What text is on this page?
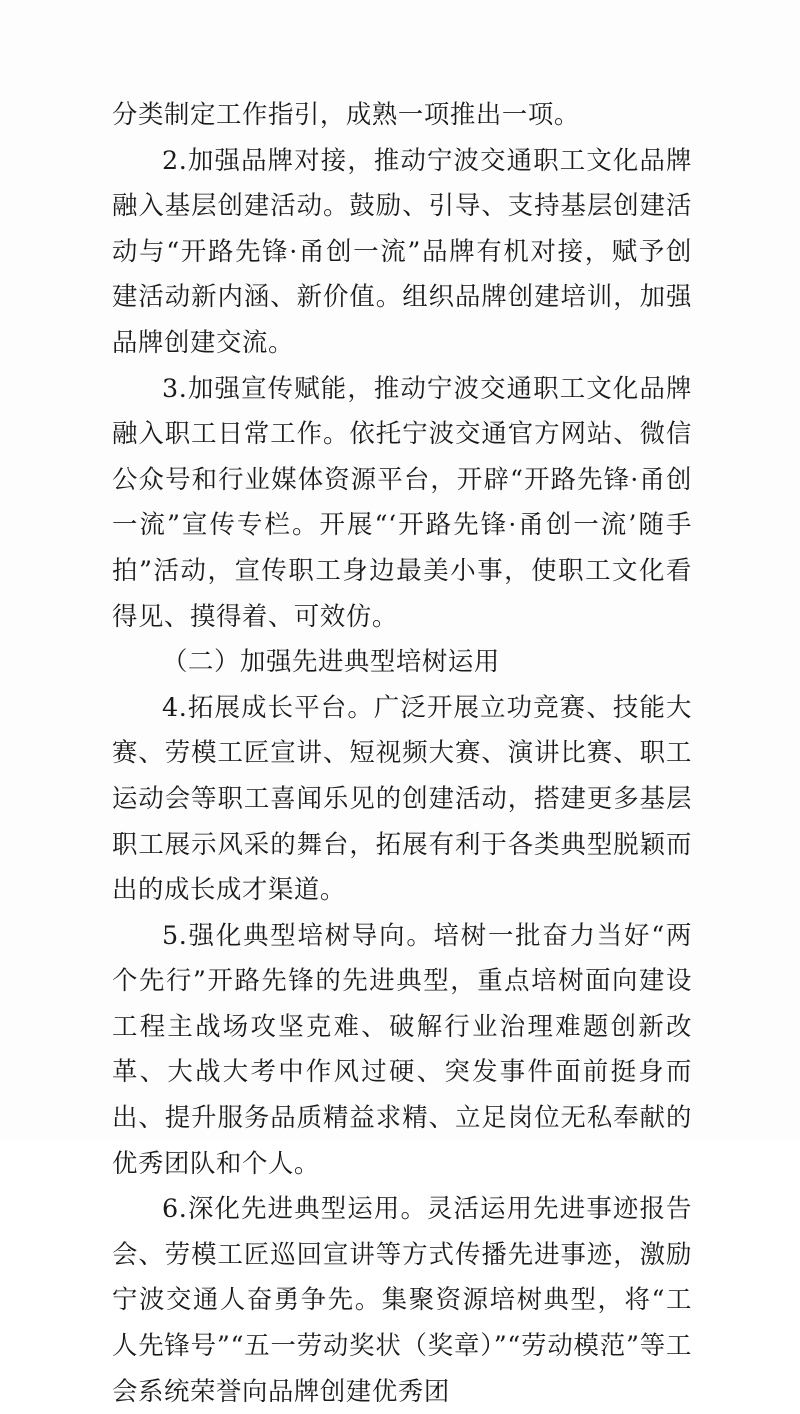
分类制定工作指引，成熟一项推出一项。

2.加强品牌对接，推动宁波交通职工文化品牌融入基层创建活动。鼓励、引导、支持基层创建活动与“开路先锋·甬创一流”品牌有机对接，赋予创建活动新内涵、新价值。组织品牌创建培训，加强品牌创建交流。

3.加强宣传赋能，推动宁波交通职工文化品牌融入职工日常工作。依托宁波交通官方网站、微信公众号和行业媒体资源平台，开辟“开路先锋·甬创一流”宣传专栏。开展“‘开路先锋·甬创一流’随手拍”活动，宣传职工身边最美小事，使职工文化看得见、摸得着、可效仿。

（二）加强先进典型培树运用

4.拓展成长平台。广泛开展立功竞赛、技能大赛、劳模工匠宣讲、短视频大赛、演讲比赛、职工运动会等职工喜闻乐见的创建活动，搭建更多基层职工展示风采的舞台，拓展有利于各类典型脱颖而出的成长成才渠道。

5.强化典型培树导向。培树一批奋力当好“两个先行”开路先锋的先进典型，重点培树面向建设工程主战场攻坚克难、破解行业治理难题创新改革、大战大考中作风过硬、突发事件面前挺身而出、提升服务品质精益求精、立足岗位无私奉献的优秀团队和个人。

6.深化先进典型运用。灵活运用先进事迹报告会、劳模工匠巡回宣讲等方式传播先进事迹，激励宁波交通人奋勇争先。集聚资源培树典型，将“工人先锋号”“五一劳动奖状（奖章）”“劳动模范”等工会系统荣誉向品牌创建优秀团
